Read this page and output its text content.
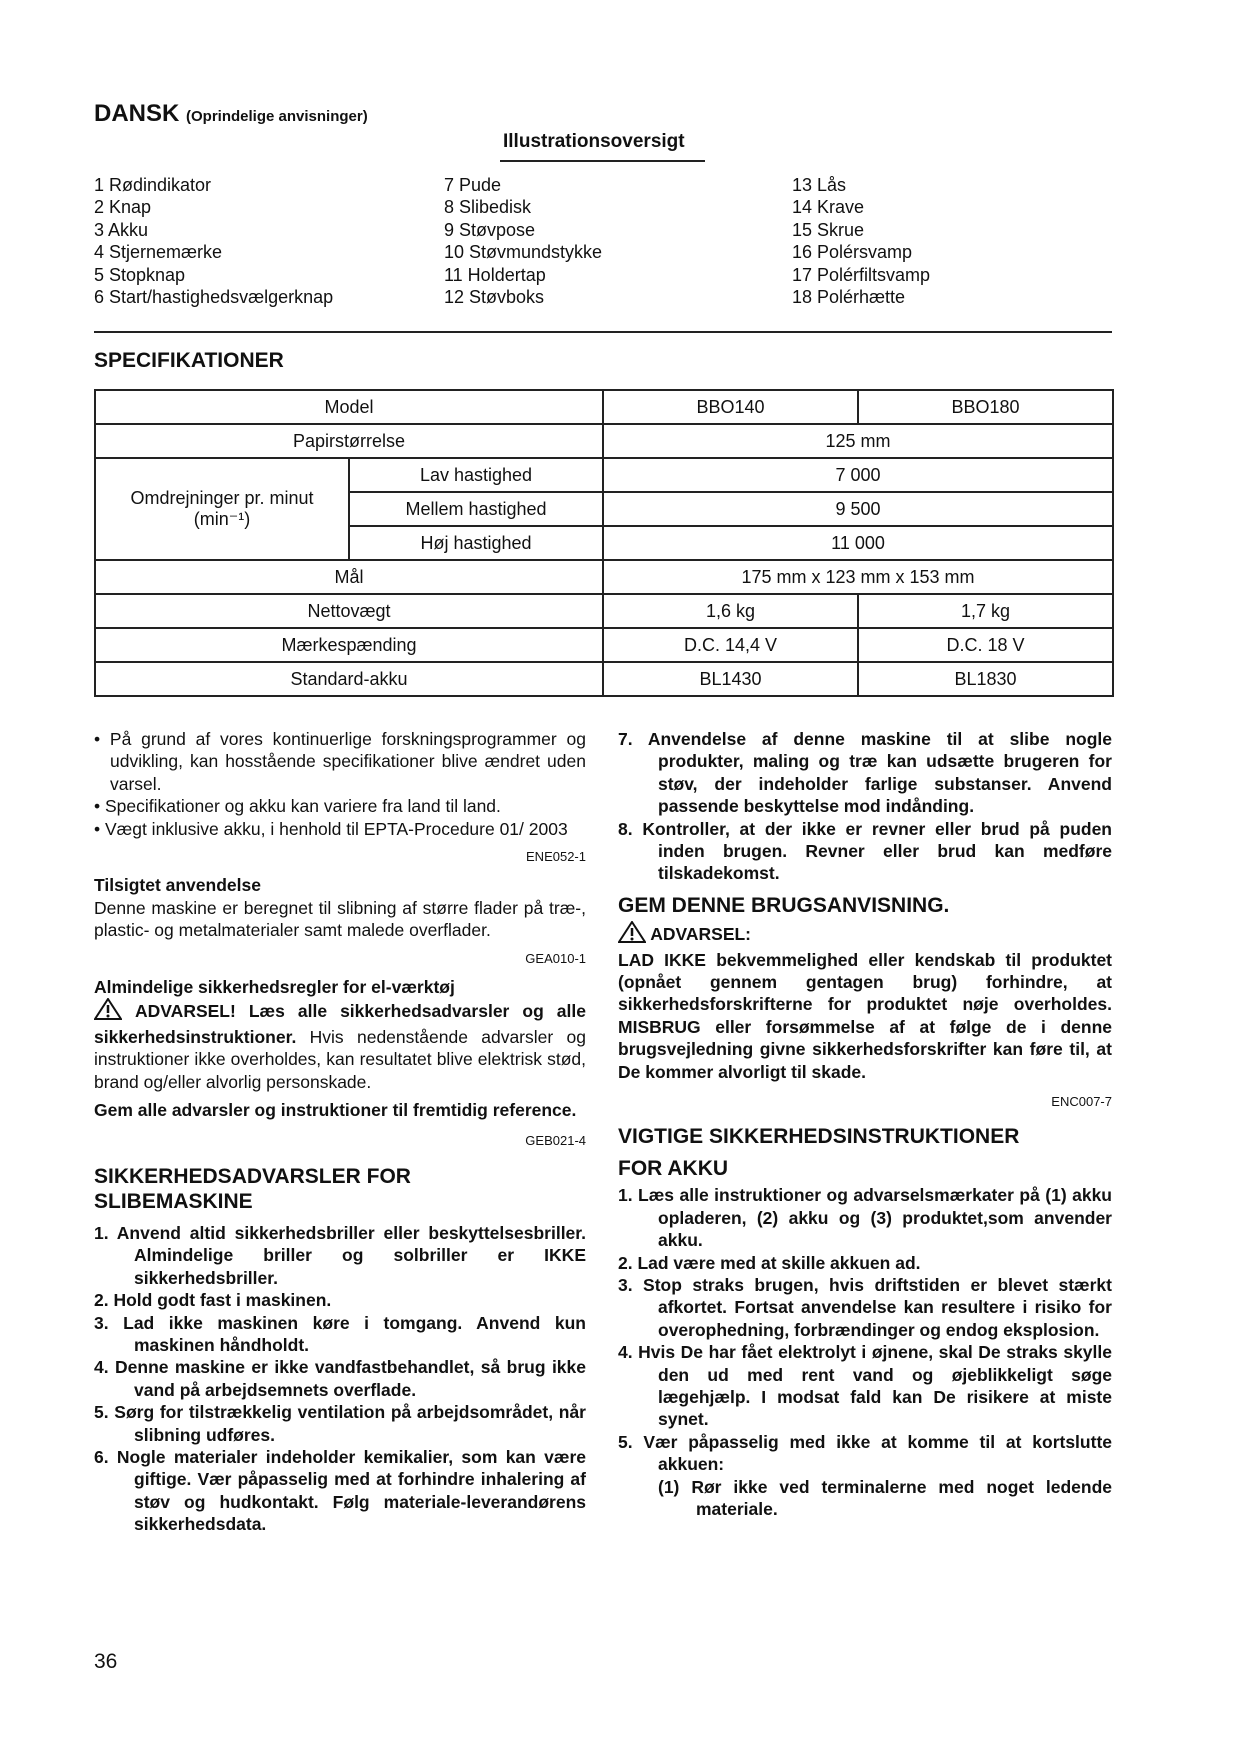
DANSK (Oprindelige anvisninger)
Illustrationsoversigt
1 Rødindikator
2 Knap
3 Akku
4 Stjernemærke
5 Stopknap
6 Start/hastighedsvælgerknap
7 Pude
8 Slibedisk
9 Støvpose
10 Støvmundstykke
11 Holdertap
12 Støvboks
13 Lås
14 Krave
15 Skrue
16 Polérsvamp
17 Polérfiltsvamp
18 Polérhætte
SPECIFIKATIONER
Model		BBO140	BBO180
Papirstørrelse		125 mm	

Omdrejninger pr. minut
(min⁻¹)	Lav hastighed	7 000	
	Mellem hastighed	9 500	
	Høj hastighed	11 000	
Mål		175 mm x 123 mm x 153 mm	
Nettovægt		1,6 kg	1,7 kg
Mærkespænding		D.C. 14,4 V	D.C. 18 V
Standard-akku		BL1430	BL1830

• På grund af vores kontinuerlige forskningsprogrammer og udvikling, kan hosstående specifikationer blive ændret uden varsel.

• Specifikationer og akku kan variere fra land til land.

• Vægt inklusive akku, i henhold til EPTA-Procedure 01/ 2003

ENE052-1

Tilsigtet anvendelse

Denne maskine er beregnet til slibning af større flader på træ-, plastic- og metalmaterialer samt malede overflader.

GEA010-1

Almindelige sikkerhedsregler for el-værktøj

ADVARSEL! Læs alle sikkerhedsadvarsler og alle sikkerhedsinstruktioner. Hvis nedenstående advarsler og instruktioner ikke overholdes, kan resultatet blive elektrisk stød, brand og/eller alvorlig personskade.

Gem alle advarsler og instruktioner til fremtidig reference.

GEB021-4

SIKKERHEDSADVARSLER FOR
SLIBEMASKINE

1. Anvend altid sikkerhedsbriller eller beskyttelsesbriller. Almindelige briller og solbriller er IKKE sikkerhedsbriller.

2. Hold godt fast i maskinen.

3. Lad ikke maskinen køre i tomgang. Anvend kun maskinen håndholdt.

4. Denne maskine er ikke vandfastbehandlet, så brug ikke vand på arbejdsemnets overflade.

5. Sørg for tilstrækkelig ventilation på arbejdsområdet, når slibning udføres.

6. Nogle materialer indeholder kemikalier, som kan være giftige. Vær påpasselig med at forhindre inhalering af støv og hudkontakt. Følg materiale-leverandørens sikkerhedsdata.

7. Anvendelse af denne maskine til at slibe nogle produkter, maling og træ kan udsætte brugeren for støv, der indeholder farlige substanser. Anvend passende beskyttelse mod indånding.

8. Kontroller, at der ikke er revner eller brud på puden inden brugen. Revner eller brud kan medføre tilskadekomst.

GEM DENNE BRUGSANVISNING.

ADVARSEL:

LAD IKKE bekvemmelighed eller kendskab til produktet (opnået gennem gentagen brug) forhindre, at sikkerhedsforskrifterne for produktet nøje overholdes. MISBRUG eller forsømmelse af at følge de i denne brugsvejledning givne sikkerhedsforskrifter kan føre til, at De kommer alvorligt til skade.

ENC007-7

VIGTIGE SIKKERHEDSINSTRUKTIONER

FOR AKKU

1. Læs alle instruktioner og advarselsmærkater på (1) akku opladeren, (2) akku og (3) produktet,som anvender akku.

2. Lad være med at skille akkuen ad.

3. Stop straks brugen, hvis driftstiden er blevet stærkt afkortet. Fortsat anvendelse kan resultere i risiko for overophedning, forbrændinger og endog eksplosion.

4. Hvis De har fået elektrolyt i øjnene, skal De straks skylle den ud med rent vand og øjeblikkeligt søge lægehjælp. I modsat fald kan De risikere at miste synet.

5. Vær påpasselig med ikke at komme til at kortslutte akkuen:

(1) Rør ikke ved terminalerne med noget ledende materiale.

36
